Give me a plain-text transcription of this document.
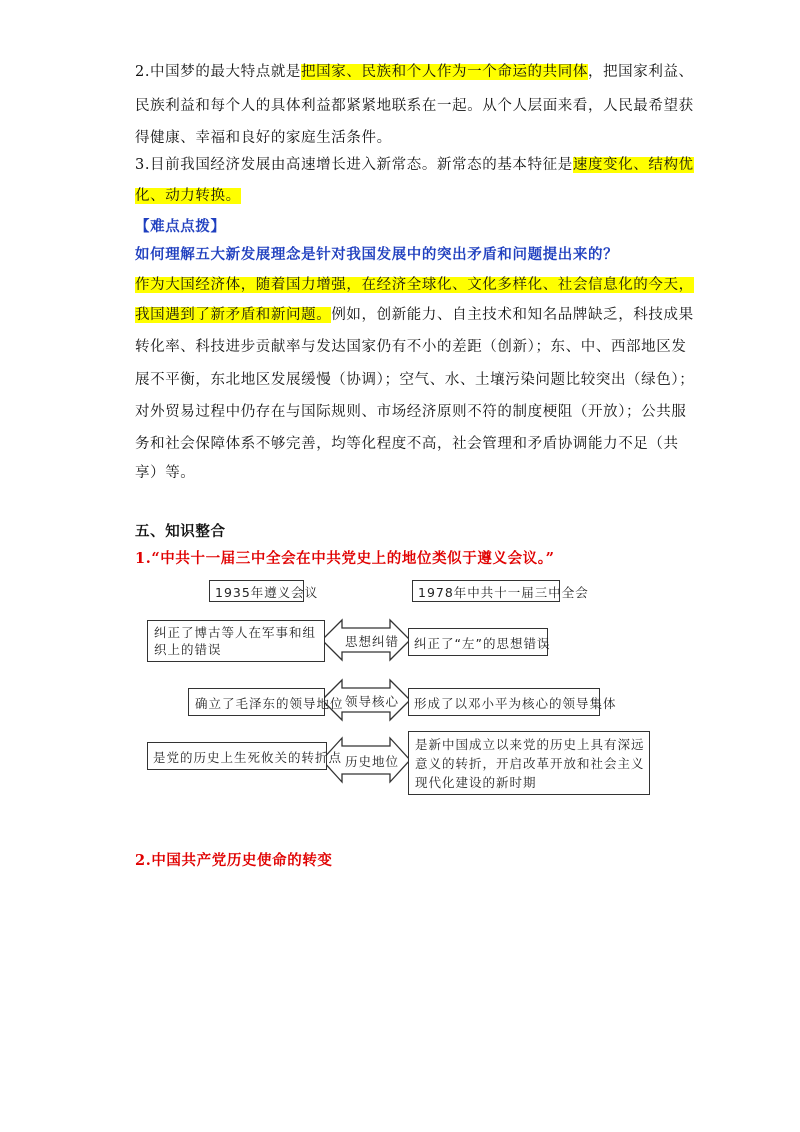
2.中国梦的最大特点就是把国家、民族和个人作为一个命运的共同体，把国家利益、
民族利益和每个人的具体利益都紧紧地联系在一起。从个人层面来看，人民最希望获
得健康、幸福和良好的家庭生活条件。
3.目前我国经济发展由高速增长进入新常态。新常态的基本特征是速度变化、结构优
化、动力转换。
【难点点拨】
如何理解五大新发展理念是针对我国发展中的突出矛盾和问题提出来的？
作为大国经济体，随着国力增强，在经济全球化、文化多样化、社会信息化的今天，
我国遇到了新矛盾和新问题。例如，创新能力、自主技术和知名品牌缺乏，科技成果
转化率、科技进步贡献率与发达国家仍有不小的差距（创新）；东、中、西部地区发
展不平衡，东北地区发展缓慢（协调）；空气、水、土壤污染问题比较突出（绿色）；
对外贸易过程中仍存在与国际规则、市场经济原则不符的制度梗阻（开放）；公共服
务和社会保障体系不够完善，均等化程度不高，社会管理和矛盾协调能力不足（共
享）等。
五、知识整合
1.“中共十一届三中全会在中共党史上的地位类似于遵义会议。”
1935年遵义会议	1978年中共十一届三中全会
纠正了博古等人在军事和组织上的错误
思想纠错 纠正了“左”的思想错误
确立了毛泽东的领导地位 领导核心 形成了以邓小平为核心的领导集体
是党的历史上生死攸关的转折点 历史地位
是新中国成立以来党的历史上具有深远意义的转折，开启改革开放和社会主义现代化建设的新时期
2.中国共产党历史使命的转变
